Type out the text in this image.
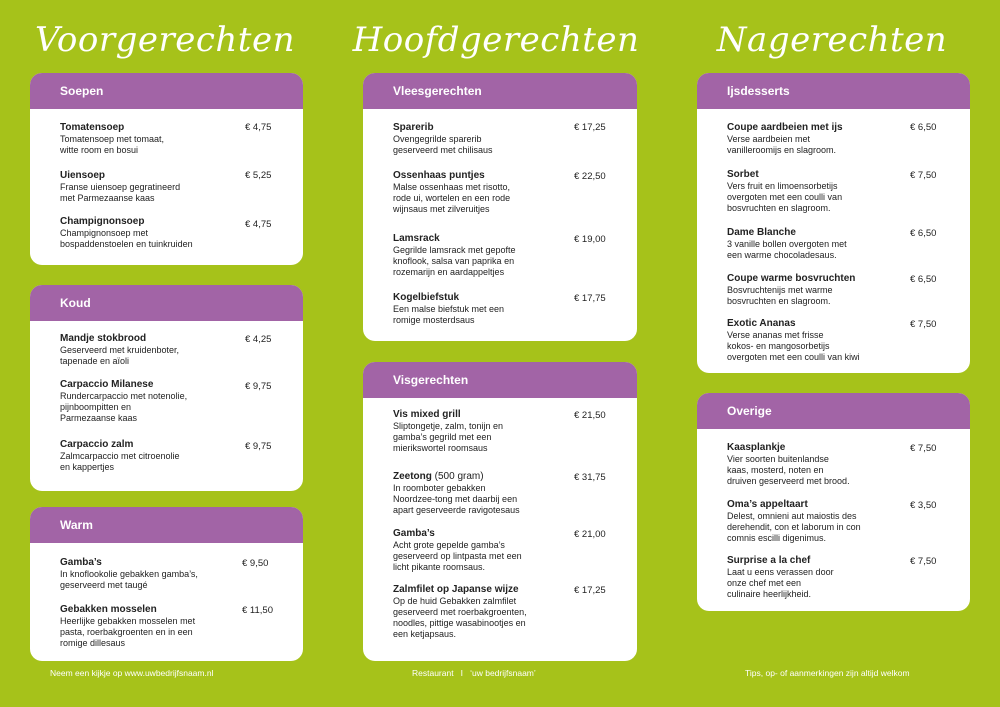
Voorgerechten	Hoofdgerechten	Nagerechten
Soepen
Tomatensoep
Tomatensoep met tomaat,
witte room en bosui
€ 4,75
Uiensoep
Franse uiensoep gegratineerd
met Parmezaanse kaas
€ 5,25
Champignonsoep
Champignonsoep met
bospaddenstoelen en tuinkruiden
€ 4,75
Koud
Mandje stokbrood
Geserveerd met kruidenboter,
tapenade en aïoli
€ 4,25
Carpaccio Milanese
Rundercarpaccio met notenolie,
pijnboompitten en
Parmezaanse kaas
€ 9,75
Carpaccio zalm
Zalmcarpaccio met citroenolie
en kappertjes
€ 9,75
Warm
Gamba’s
In knoflookolie gebakken gamba’s,
geserveerd met taugé
€ 9,50
Gebakken mosselen
Heerlijke gebakken mosselen met
pasta, roerbakgroenten en in een
romige dillesaus
€ 11,50
Vleesgerechten
Sparerib
Ovengegrilde sparerib
geserveerd met chilisaus
€ 17,25
Ossenhaas puntjes
Malse ossenhaas met risotto,
rode ui, wortelen en een rode
wijnsaus met zilveruitjes
€ 22,50
Lamsrack
Gegrilde lamsrack met gepofte
knoflook, salsa van paprika en
rozemarijn en aardappeltjes
€ 19,00
Kogelbiefstuk
Een malse biefstuk met een
romige mosterdsaus
€ 17,75
Visgerechten
Vis mixed grill
Sliptongetje, zalm, tonijn en
gamba’s gegrild met een
mierikswortel roomsaus
€ 21,50
Zeetong (500 gram)
In roomboter gebakken
Noordzee-tong met daarbij een
apart geserveerde ravigotesaus
€ 31,75
Gamba’s
Acht grote gepelde gamba’s
geserveerd op lintpasta met een
licht pikante roomsaus.
€ 21,00
Zalmfilet op Japanse wijze
Op de huid Gebakken zalmfilet
geserveerd met roerbakgroenten,
noodles, pittige wasabinootjes en
een ketjapsaus.
€ 17,25
Ijsdesserts
Coupe aardbeien met ijs
Verse aardbeien met
vanilleroomijs en slagroom.
€ 6,50
Sorbet
Vers fruit en limoensorbetijs
overgoten met een coulli van
bosvruchten en slagroom.
€ 7,50
Dame Blanche
3 vanille bollen overgoten met
een warme chocoladesaus.
€ 6,50
Coupe warme bosvruchten
Bosvruchtenijs met warme
bosvruchten en slagroom.
€ 6,50
Exotic Ananas
Verse ananas met frisse
kokos- en mangosorbetijs
overgoten met een coulli van kiwi
€ 7,50
Overige
Kaasplankje
Vier soorten buitenlandse
kaas, mosterd, noten en
druiven geserveerd met brood.
€ 7,50
Oma’s appeltaart
Delest, omnieni aut maiostis des
derehendit, con et laborum in con
comnis escilli digenimus.
€ 3,50
Surprise a la chef
Laat u eens verassen door
onze chef met een
culinaire heerlijkheid.
€ 7,50
Neem een kijkje op www.uwbedrijfsnaam.nl	Restaurant   I   ‘uw bedrijfsnaam’	Tips, op- of aanmerkingen zijn altijd welkom
